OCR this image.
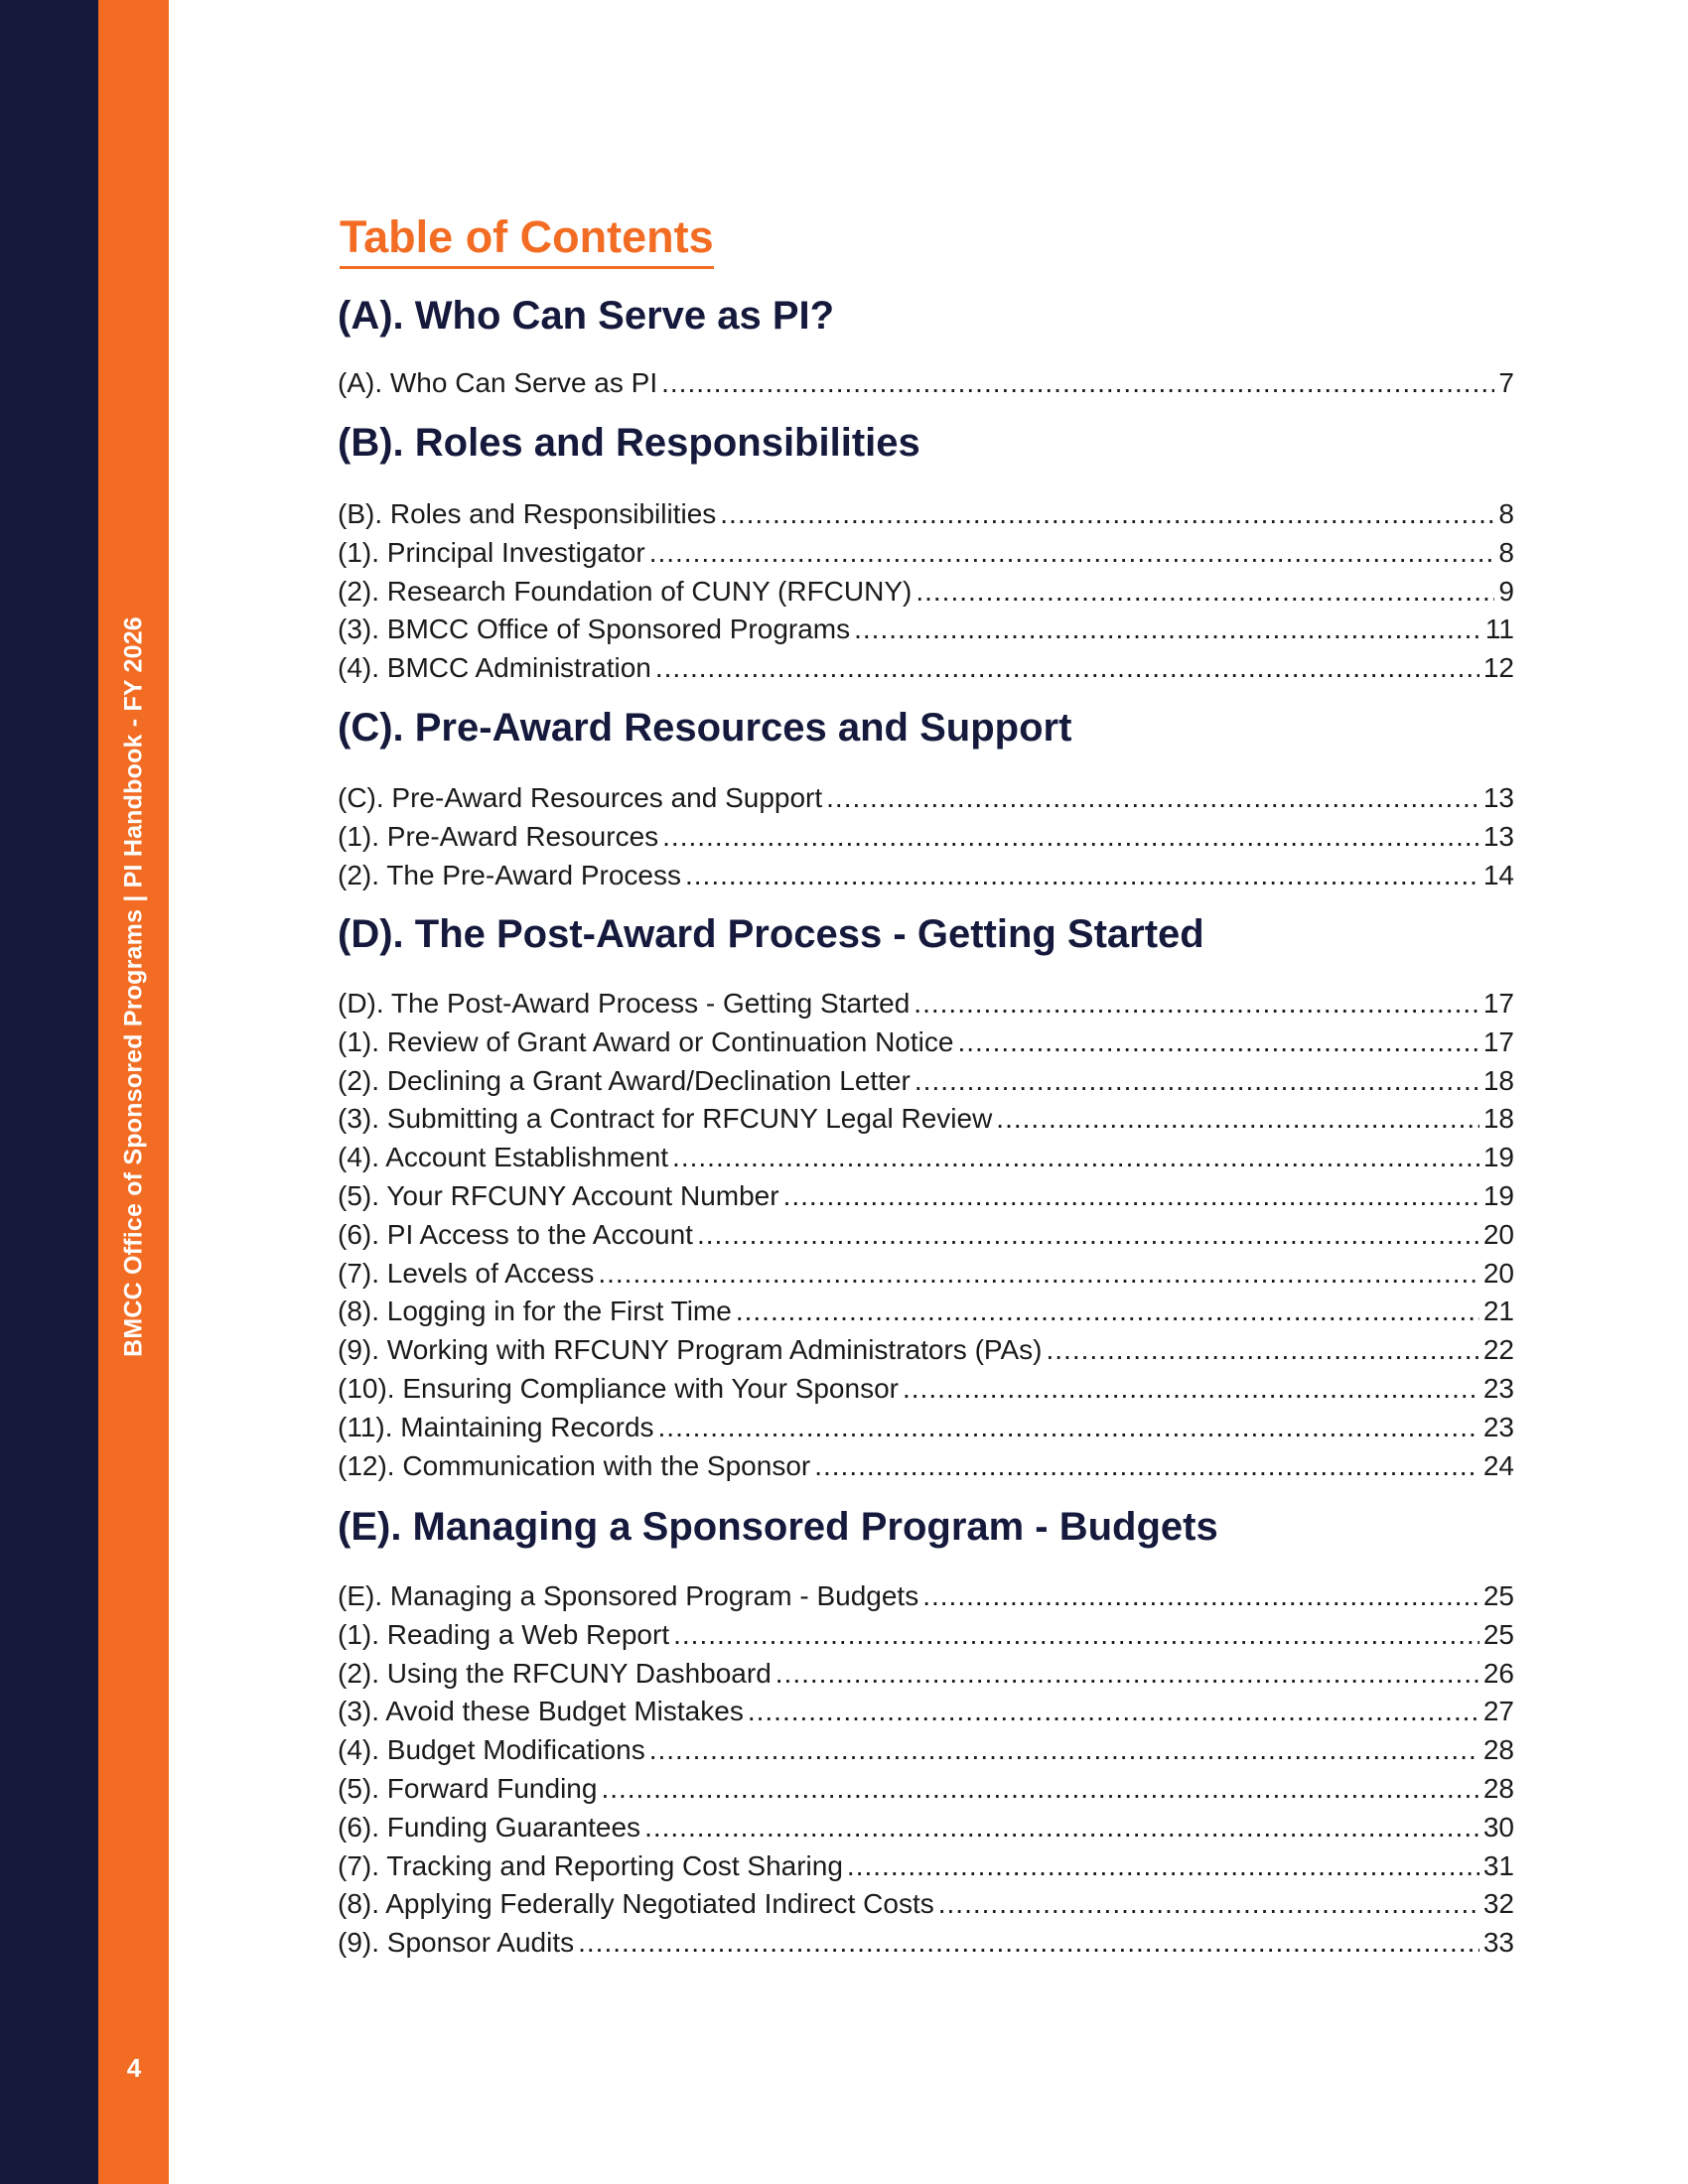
BMCC Office of Sponsored Programs | PI Handbook - FY 2026
4
Table of Contents
(A). Who Can Serve as PI?
(A). Who Can Serve as PI .....	7
(B). Roles and Responsibilities
(B). Roles and Responsibilities .....	8
(1). Principal Investigator .....	8
(2). Research Foundation of CUNY (RFCUNY) .....	9
(3). BMCC Office of Sponsored Programs .....	11
(4). BMCC Administration .....	12
(C). Pre-Award Resources and Support
(C). Pre-Award Resources and Support .....	13
(1). Pre-Award Resources .....	13
(2). The Pre-Award Process .....	14
(D). The Post-Award Process - Getting Started
(D). The Post-Award Process - Getting Started .....	17
(1). Review of Grant Award or Continuation Notice .....	17
(2). Declining a Grant Award/Declination Letter .....	18
(3). Submitting a Contract for RFCUNY Legal Review .....	18
(4). Account Establishment .....	19
(5). Your RFCUNY Account Number .....	19
(6). PI Access to the Account .....	20
(7). Levels of Access .....	20
(8). Logging in for the First Time .....	21
(9). Working with RFCUNY Program Administrators (PAs) .....	22
(10). Ensuring Compliance with Your Sponsor .....	23
(11). Maintaining Records .....	23
(12). Communication with the Sponsor .....	24
(E). Managing a Sponsored Program - Budgets
(E). Managing a Sponsored Program - Budgets .....	25
(1). Reading a Web Report .....	25
(2). Using the RFCUNY Dashboard .....	26
(3). Avoid these Budget Mistakes .....	27
(4). Budget Modifications .....	28
(5). Forward Funding .....	28
(6). Funding Guarantees .....	30
(7). Tracking and Reporting Cost Sharing .....	31
(8). Applying Federally Negotiated Indirect Costs .....	32
(9). Sponsor Audits .....	33
